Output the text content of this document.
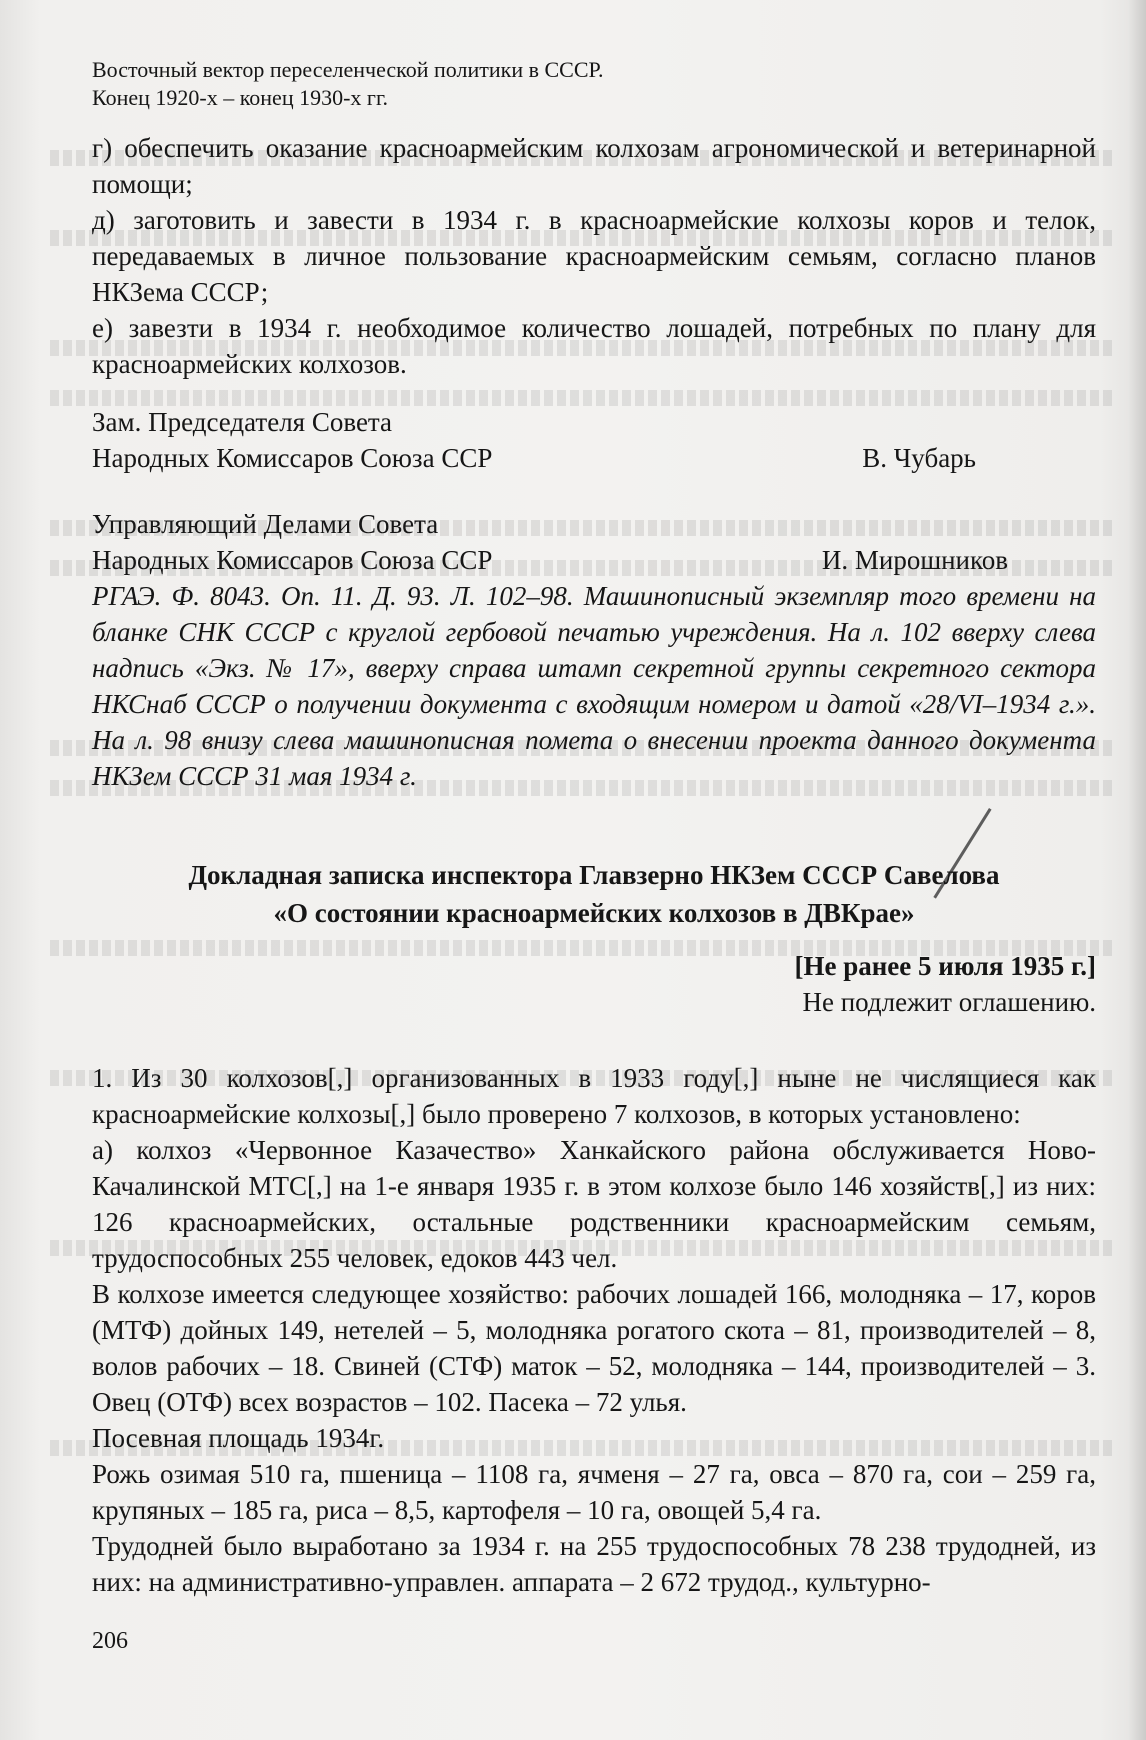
Восточный вектор переселенческой политики в СССР.
Конец 1920-х – конец 1930-х гг.

г) обеспечить оказание красноармейским колхозам агрономической и ветеринарной помощи;

д) заготовить и завести в 1934 г. в красноармейские колхозы коров и телок, передаваемых в личное пользование красноармейским семьям, согласно планов НКЗема СССР;

е) завезти в 1934 г. необходимое количество лошадей, потребных по плану для красноармейских колхозов.

Зам. Председателя Совета
Народных Комиссаров Союза ССР	В. Чубарь
Управляющий Делами Совета
Народных Комиссаров Союза ССР	И. Мирошников

РГАЭ. Ф. 8043. Оп. 11. Д. 93. Л. 102–98. Машинописный экземпляр того времени на бланке СНК СССР с круглой гербовой печатью учреждения. На л. 102 вверху слева надпись «Экз. № 17», вверху справа штамп секретной группы секретного сектора НКСнаб СССР о получении документа с входящим номером и датой «28/VI–1934 г.». На л. 98 внизу слева машинописная помета о внесении проекта данного документа НКЗем СССР 31 мая 1934 г.

Докладная записка инспектора Главзерно НКЗем СССР Савелова
«О состоянии красноармейских колхозов в ДВКрае»
[Не ранее 5 июля 1935 г.]
Не подлежит оглашению.

1. Из 30 колхозов[,] организованных в 1933 году[,] ныне не числящиеся как красноармейские колхозы[,] было проверено 7 колхозов, в которых установлено:

а) колхоз «Червонное Казачество» Ханкайского района обслуживается Ново-Качалинской МТС[,] на 1-е января 1935 г. в этом колхозе было 146 хозяйств[,] из них: 126 красноармейских, остальные родственники красноармейским семьям, трудоспособных 255 человек, едоков 443 чел.

В колхозе имеется следующее хозяйство: рабочих лошадей 166, молодняка – 17, коров (МТФ) дойных 149, нетелей – 5, молодняка рогатого скота – 81, производителей – 8, волов рабочих – 18. Свиней (СТФ) маток – 52, молодняка – 144, производителей – 3. Овец (ОТФ) всех возрастов – 102. Пасека – 72 улья.

Посевная площадь 1934г.

Рожь озимая 510 га, пшеница – 1108 га, ячменя – 27 га, овса – 870 га, сои – 259 га, крупяных – 185 га, риса – 8,5, картофеля – 10 га, овощей 5,4 га.

Трудодней было выработано за 1934 г. на 255 трудоспособных 78 238 трудодней, из них: на административно-управлен. аппарата – 2 672 трудод., культурно-

206
